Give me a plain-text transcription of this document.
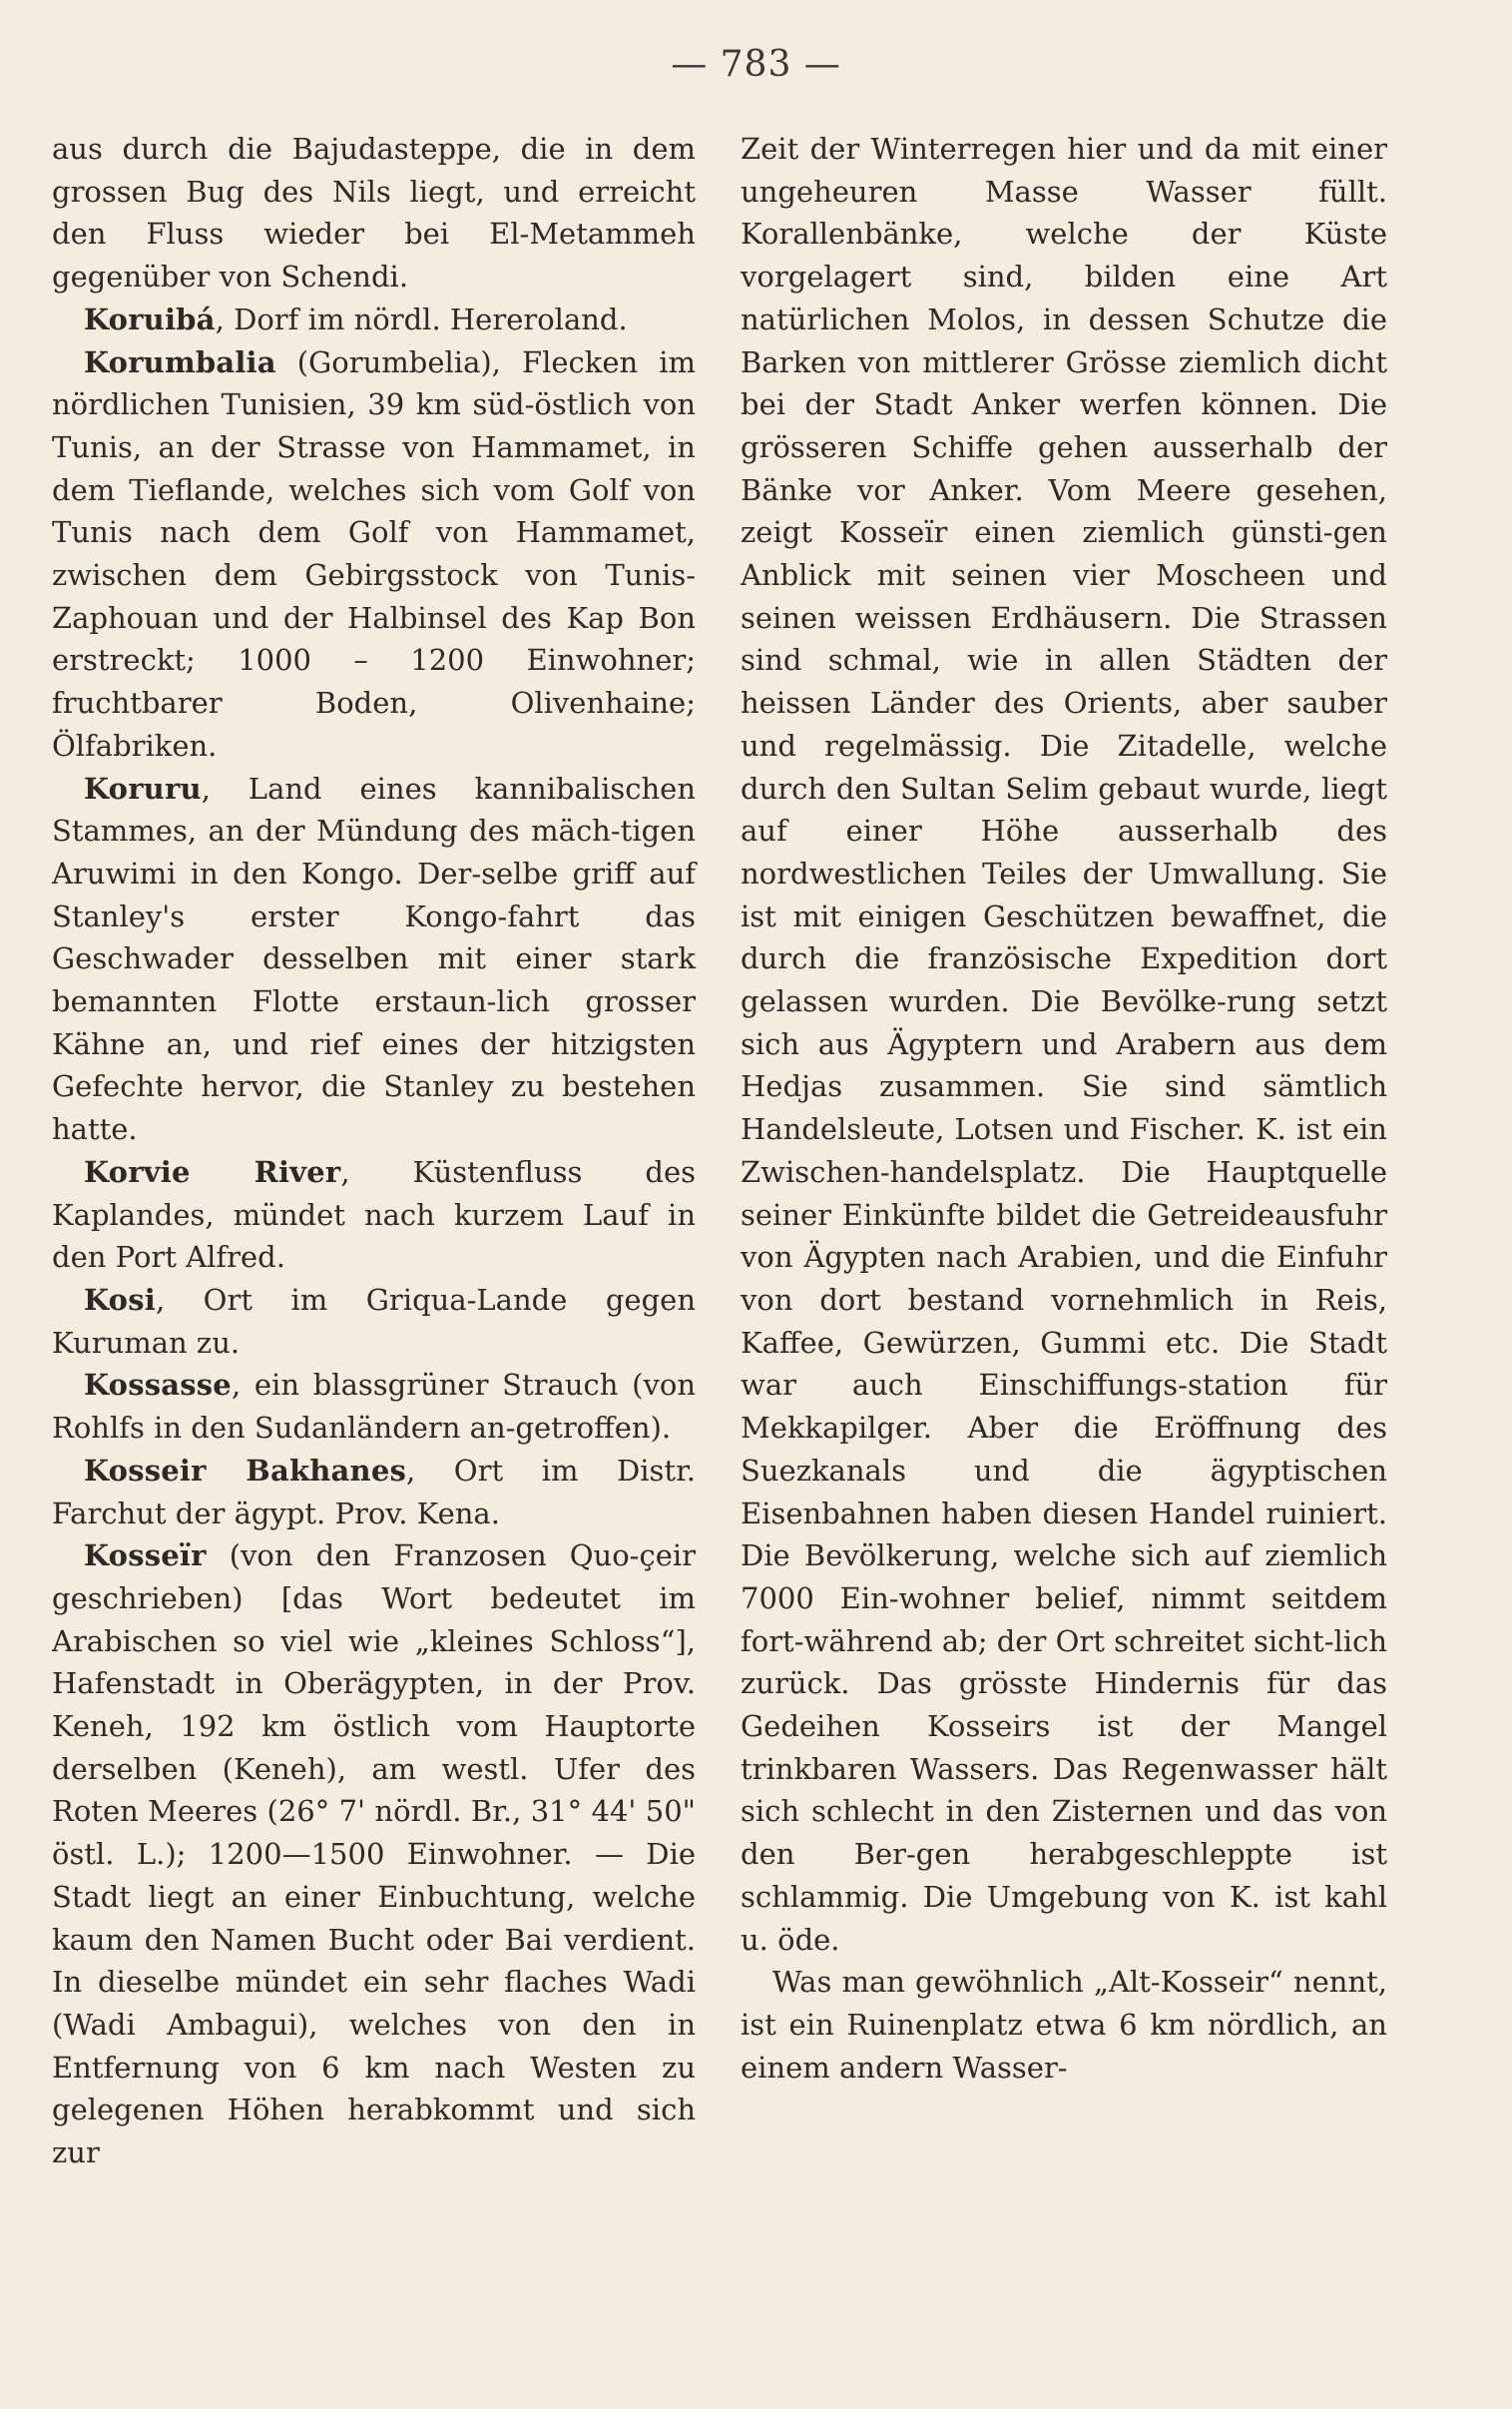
— 783 —

aus durch die Bajudasteppe, die in dem grossen Bug des Nils liegt, und erreicht den Fluss wieder bei El-Metammeh gegenüber von Schendi.

Koruibá, Dorf im nördl. Hereroland.

Korumbalia (Gorumbelia), Flecken im nördlichen Tunisien, 39 km süd-östlich von Tunis, an der Strasse von Hammamet, in dem Tieflande, welches sich vom Golf von Tunis nach dem Golf von Hammamet, zwischen dem Gebirgsstock von Tunis-Zaphouan und der Halbinsel des Kap Bon erstreckt; 1000 – 1200 Einwohner; fruchtbarer Boden, Olivenhaine; Ölfabriken.

Koruru, Land eines kannibalischen Stammes, an der Mündung des mäch-tigen Aruwimi in den Kongo. Der-selbe griff auf Stanley's erster Kongo-fahrt das Geschwader desselben mit einer stark bemannten Flotte erstaun-lich grosser Kähne an, und rief eines der hitzigsten Gefechte hervor, die Stanley zu bestehen hatte.

Korvie River, Küstenfluss des Kaplandes, mündet nach kurzem Lauf in den Port Alfred.

Kosi, Ort im Griqua-Lande gegen Kuruman zu.

Kossasse, ein blassgrüner Strauch (von Rohlfs in den Sudanländern an-getroffen).

Kosseir Bakhanes, Ort im Distr. Farchut der ägypt. Prov. Kena.

Kosseïr (von den Franzosen Quo-çeir geschrieben) [das Wort bedeutet im Arabischen so viel wie „kleines Schloss“], Hafenstadt in Oberägypten, in der Prov. Keneh, 192 km östlich vom Hauptorte derselben (Keneh), am westl. Ufer des Roten Meeres (26° 7' nördl. Br., 31° 44' 50" östl. L.); 1200—1500 Einwohner. — Die Stadt liegt an einer Einbuchtung, welche kaum den Namen Bucht oder Bai verdient. In dieselbe mündet ein sehr flaches Wadi (Wadi Ambagui), welches von den in Entfernung von 6 km nach Westen zu gelegenen Höhen herabkommt und sich zur

Zeit der Winterregen hier und da mit einer ungeheuren Masse Wasser füllt. Korallenbänke, welche der Küste vorgelagert sind, bilden eine Art natürlichen Molos, in dessen Schutze die Barken von mittlerer Grösse ziemlich dicht bei der Stadt Anker werfen können. Die grösseren Schiffe gehen ausserhalb der Bänke vor Anker. Vom Meere gesehen, zeigt Kosseïr einen ziemlich günsti-gen Anblick mit seinen vier Moscheen und seinen weissen Erdhäusern. Die Strassen sind schmal, wie in allen Städten der heissen Länder des Orients, aber sauber und regelmässig. Die Zitadelle, welche durch den Sultan Selim gebaut wurde, liegt auf einer Höhe ausserhalb des nordwestlichen Teiles der Umwallung. Sie ist mit einigen Geschützen bewaffnet, die durch die französische Expedition dort gelassen wurden. Die Bevölke-rung setzt sich aus Ägyptern und Arabern aus dem Hedjas zusammen. Sie sind sämtlich Handelsleute, Lotsen und Fischer. K. ist ein Zwischen-handelsplatz. Die Hauptquelle seiner Einkünfte bildet die Getreideausfuhr von Ägypten nach Arabien, und die Einfuhr von dort bestand vornehmlich in Reis, Kaffee, Gewürzen, Gummi etc. Die Stadt war auch Einschiffungs-station für Mekkapilger. Aber die Eröffnung des Suezkanals und die ägyptischen Eisenbahnen haben diesen Handel ruiniert. Die Bevölkerung, welche sich auf ziemlich 7000 Ein-wohner belief, nimmt seitdem fort-während ab; der Ort schreitet sicht-lich zurück. Das grösste Hindernis für das Gedeihen Kosseirs ist der Mangel trinkbaren Wassers. Das Regenwasser hält sich schlecht in den Zisternen und das von den Ber-gen herabgeschleppte ist schlammig. Die Umgebung von K. ist kahl u. öde.

Was man gewöhnlich „Alt-Kosseir“ nennt, ist ein Ruinenplatz etwa 6 km nördlich, an einem andern Wasser-
